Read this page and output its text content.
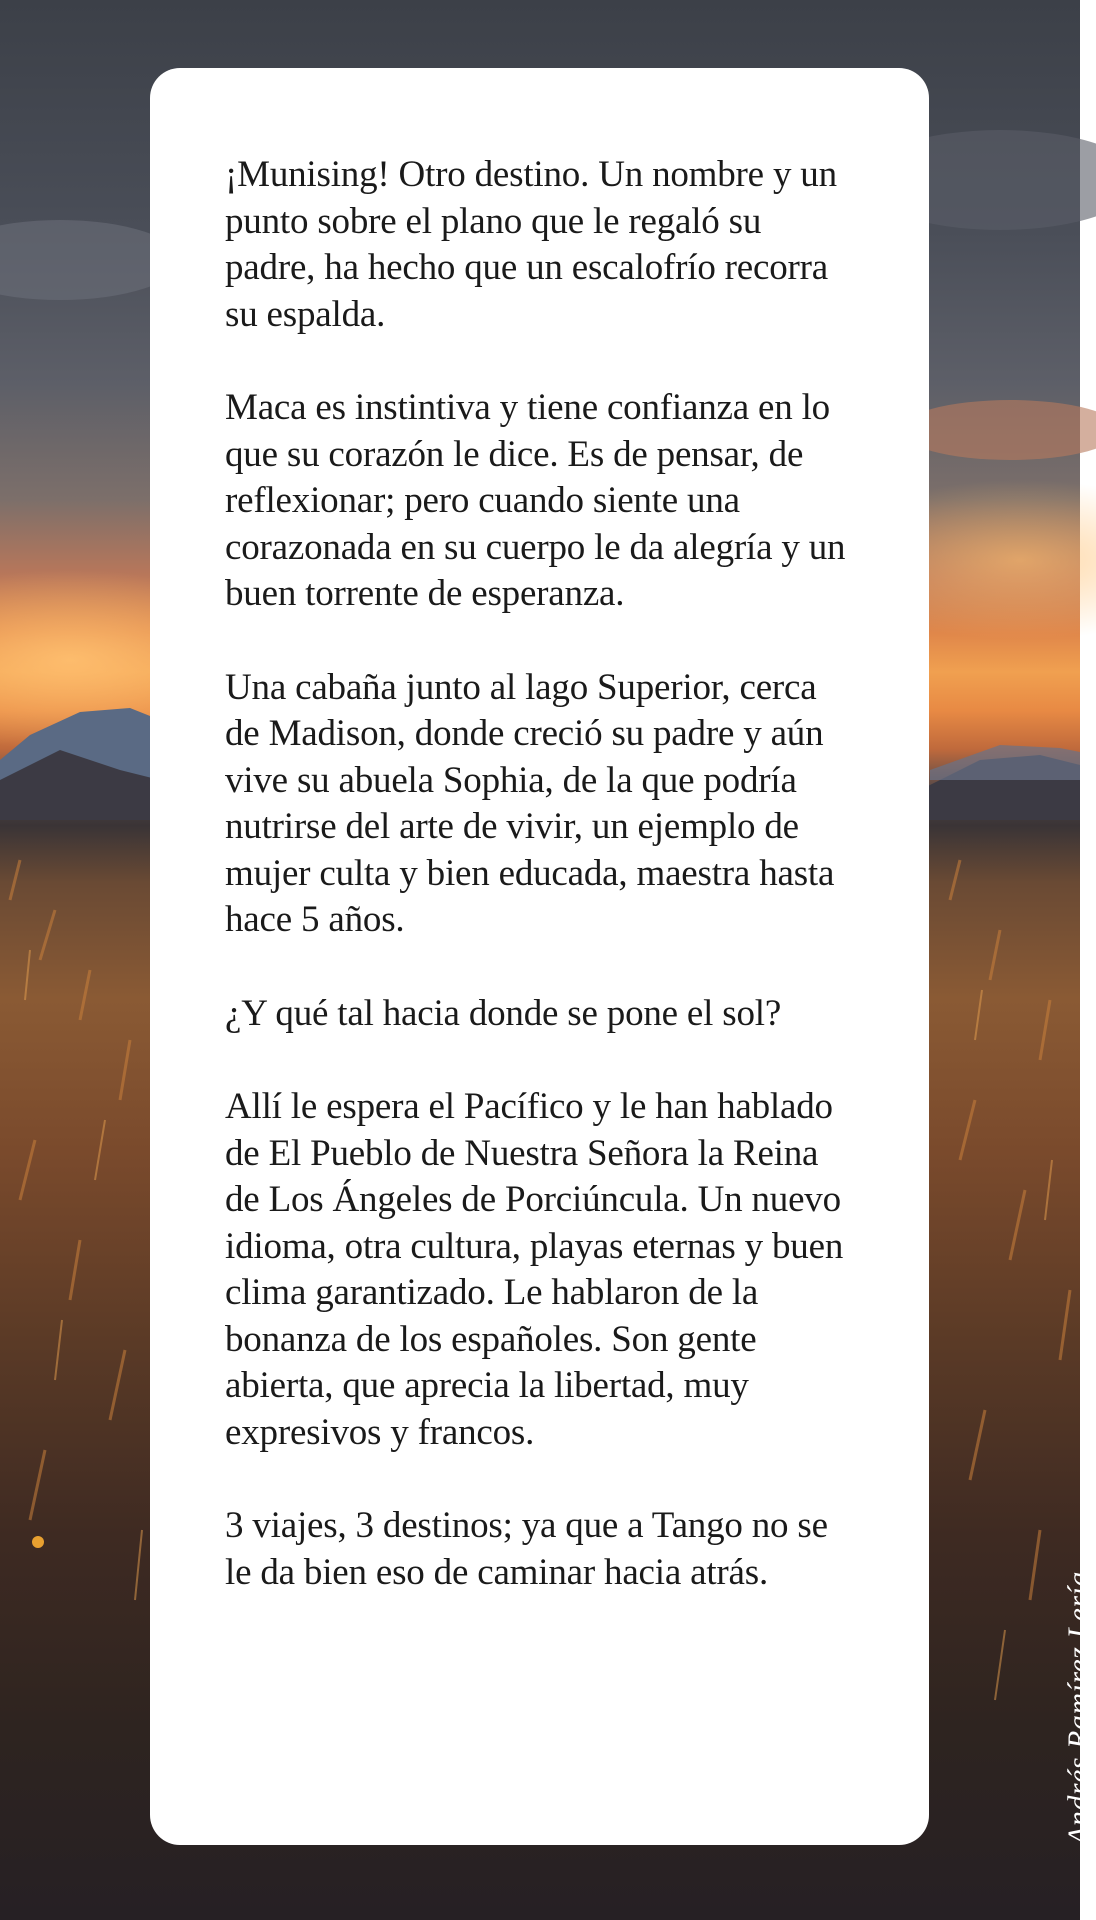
¡Munising! Otro destino. Un nombre y un punto sobre el plano que le regaló su padre, ha hecho que un escalofrío recorra su espalda.

Maca es instintiva y tiene confianza en lo que su corazón le dice. Es de pensar, de reflexionar; pero cuando siente una corazonada en su cuerpo le da alegría y un buen torrente de esperanza.

Una cabaña junto al lago Superior, cerca de Madison, donde creció su padre y aún vive su abuela Sophia, de la que podría nutrirse del arte de vivir, un ejemplo de mujer culta y bien educada, maestra hasta hace 5 años.

¿Y qué tal hacia donde se pone el sol?

Allí le espera el Pacífico y le han hablado de El Pueblo de Nuestra Señora la Reina de Los Ángeles de Porciúncula. Un nuevo idioma, otra cultura, playas eternas y buen clima garantizado. Le hablaron de la bonanza de los españoles. Son gente abierta, que aprecia la libertad, muy expresivos y francos.

3 viajes, 3 destinos; ya que a Tango no se le da bien eso de caminar hacia atrás.	Andrés Ramírez Lería
